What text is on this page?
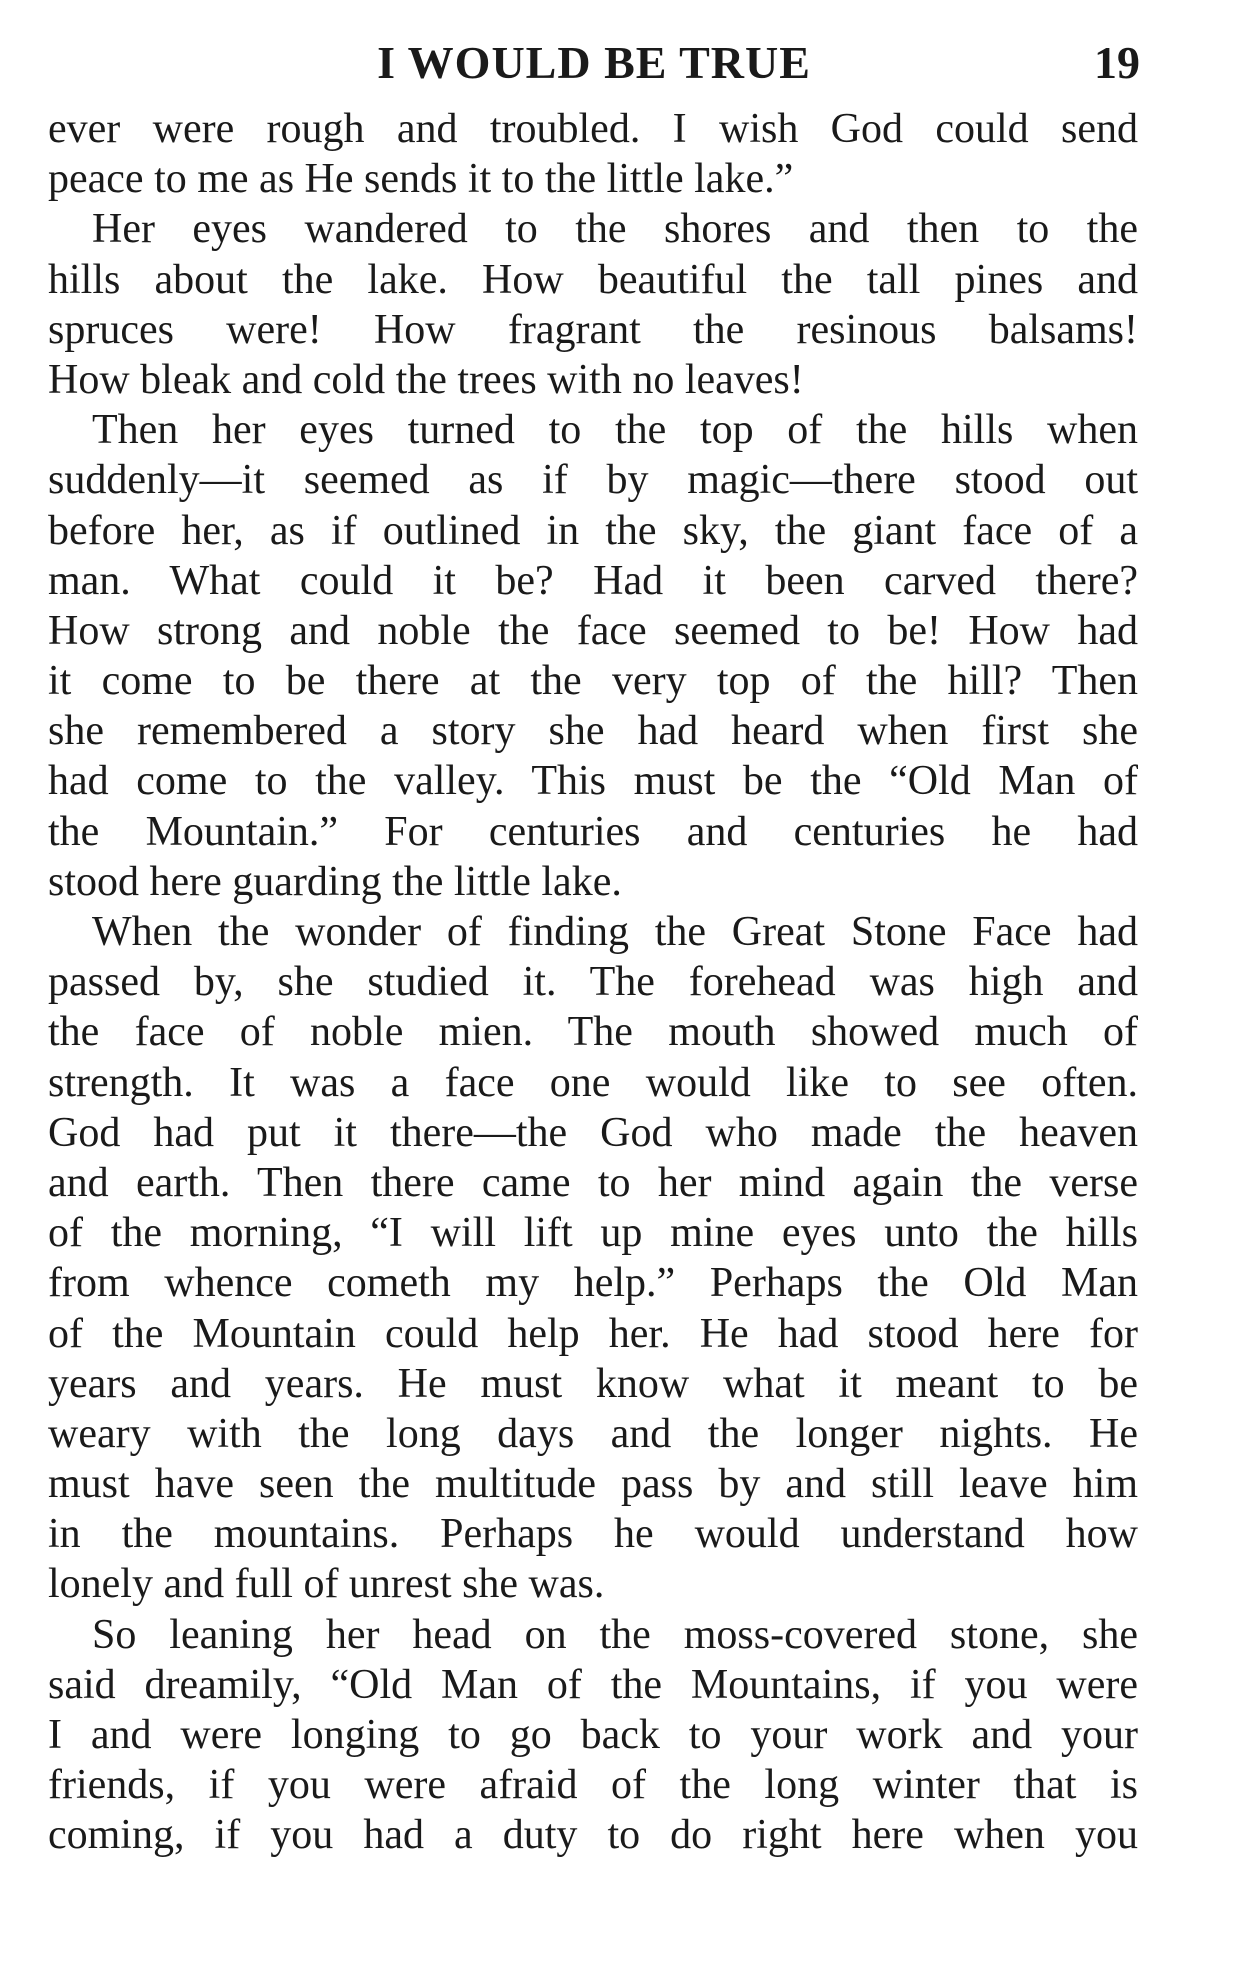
I WOULD BE TRUE	19
ever were rough and troubled. I wish God could send
peace to me as He sends it to the little lake.”
Her eyes wandered to the shores and then to the
hills about the lake. How beautiful the tall pines and
spruces were! How fragrant the resinous balsams!
How bleak and cold the trees with no leaves!
Then her eyes turned to the top of the hills when
suddenly—it seemed as if by magic—there stood out
before her, as if outlined in the sky, the giant face of a
man. What could it be? Had it been carved there?
How strong and noble the face seemed to be! How had
it come to be there at the very top of the hill? Then
she remembered a story she had heard when first she
had come to the valley. This must be the “Old Man of
the Mountain.” For centuries and centuries he had
stood here guarding the little lake.
When the wonder of finding the Great Stone Face had
passed by, she studied it. The forehead was high and
the face of noble mien. The mouth showed much of
strength. It was a face one would like to see often.
God had put it there—the God who made the heaven
and earth. Then there came to her mind again the verse
of the morning, “I will lift up mine eyes unto the hills
from whence cometh my help.” Perhaps the Old Man
of the Mountain could help her. He had stood here for
years and years. He must know what it meant to be
weary with the long days and the longer nights. He
must have seen the multitude pass by and still leave him
in the mountains. Perhaps he would understand how
lonely and full of unrest she was.
So leaning her head on the moss-covered stone, she
said dreamily, “Old Man of the Mountains, if you were
I and were longing to go back to your work and your
friends, if you were afraid of the long winter that is
coming, if you had a duty to do right here when you
